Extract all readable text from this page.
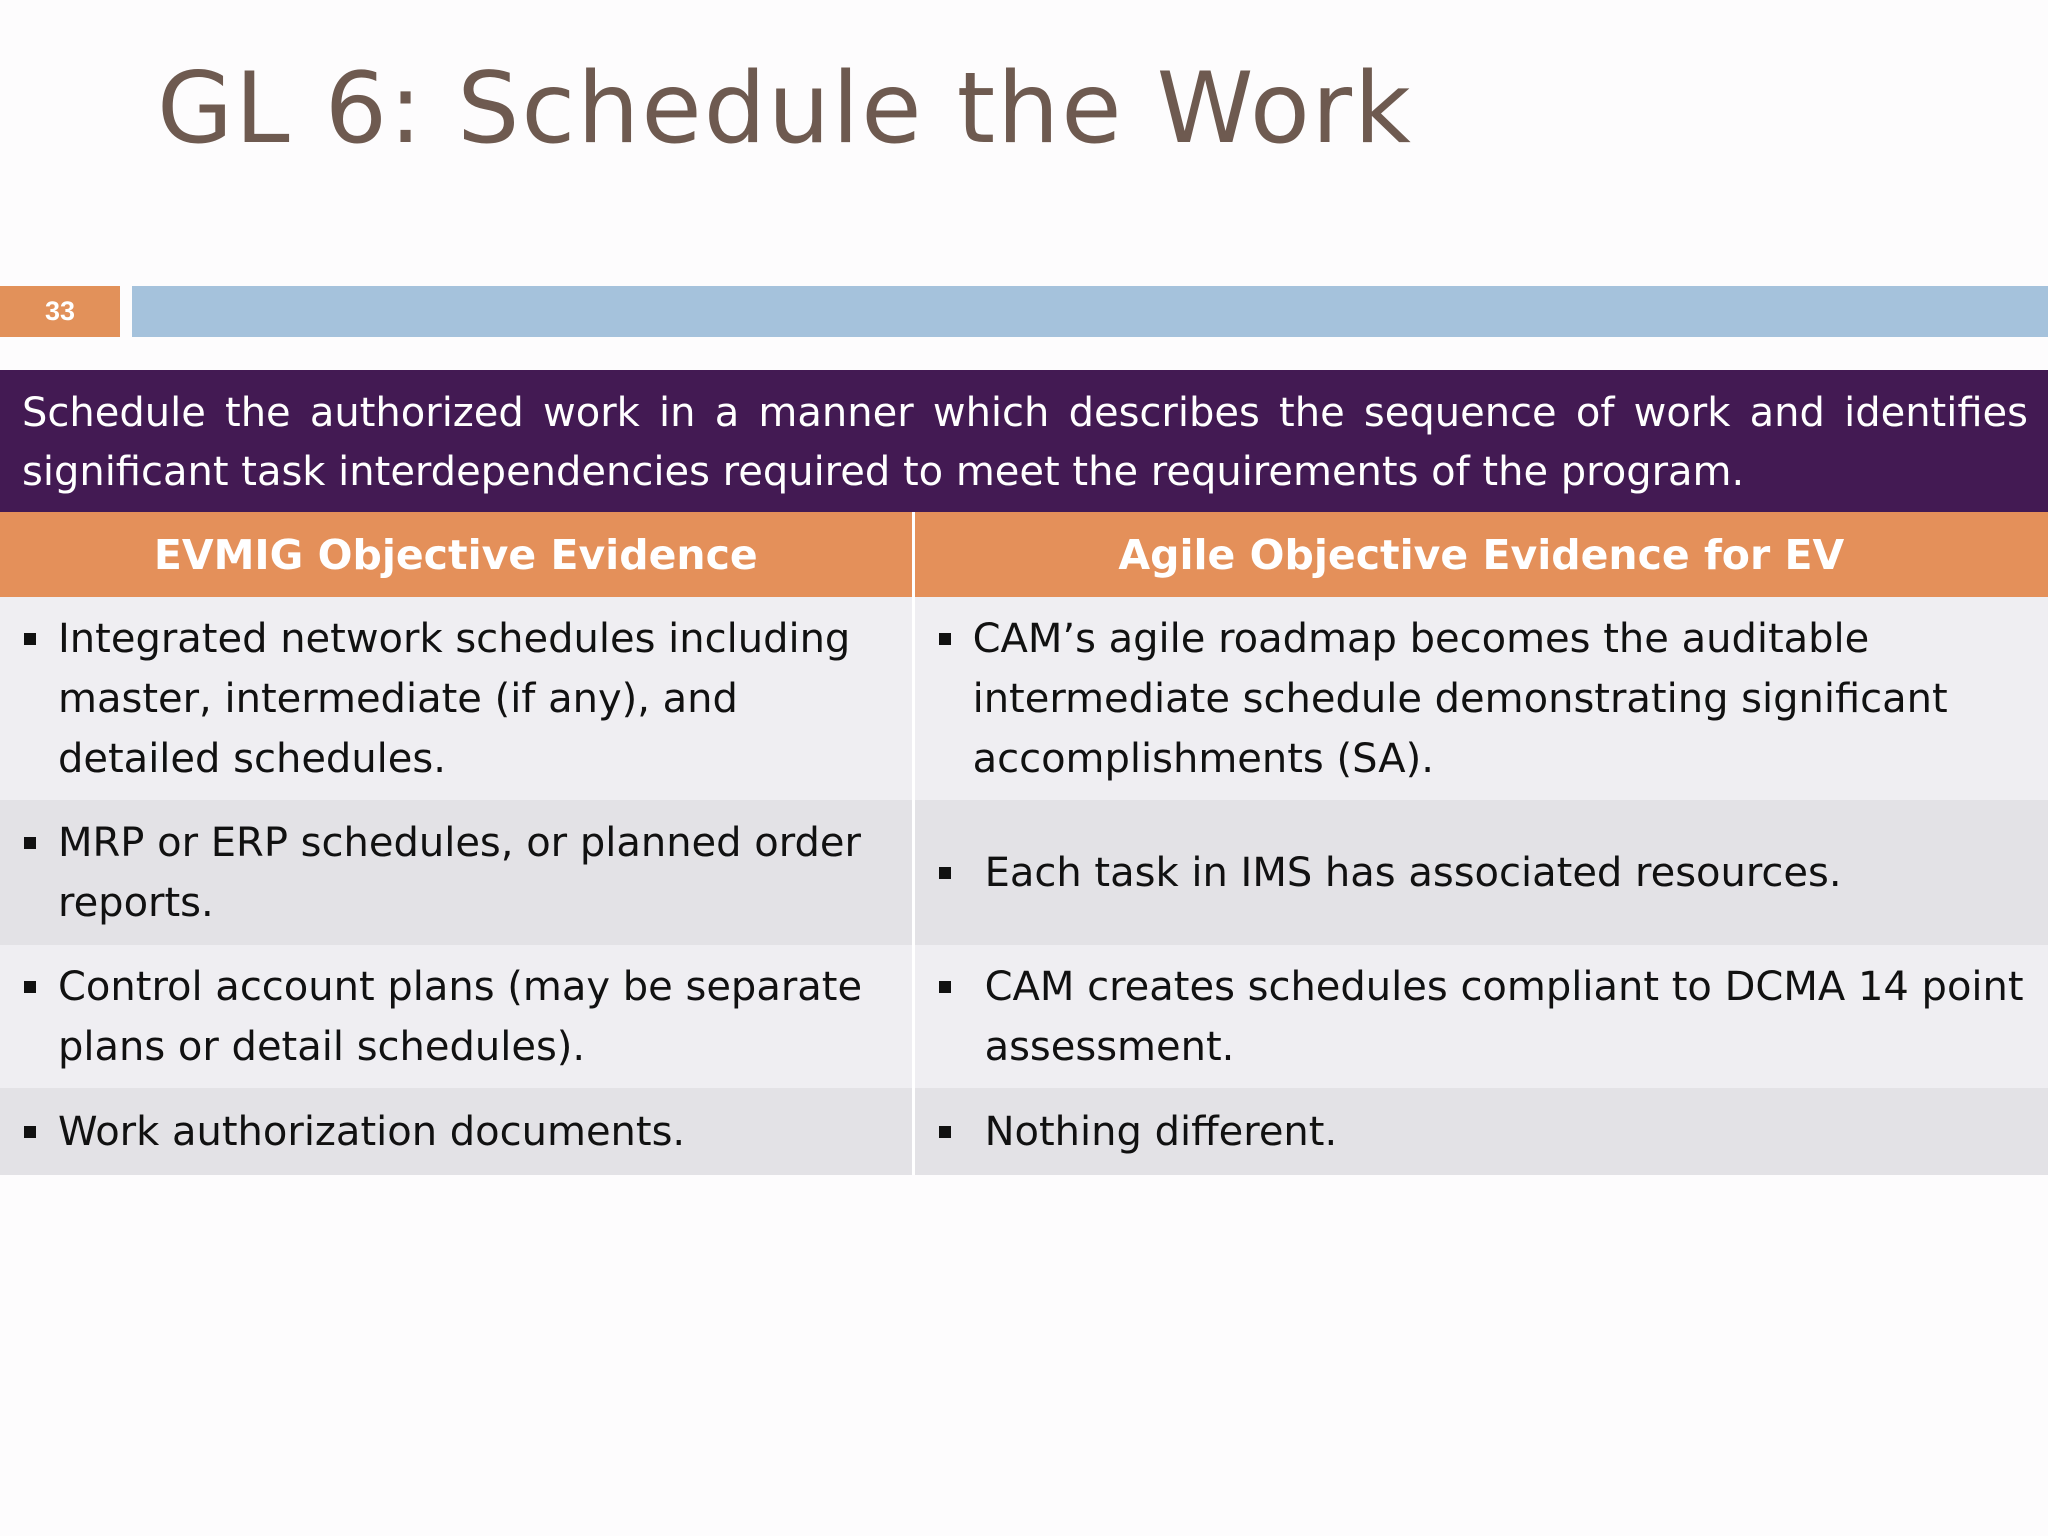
GL 6: Schedule the Work
33
Schedule the authorized work in a manner which describes the sequence of work and identifies significant task interdependencies required to meet the requirements of the program.
EVMIG Objective Evidence	Agile Objective Evidence for EV

Integrated network schedules including master, intermediate (if any), and detailed schedules.	CAM’s agile roadmap becomes the auditable intermediate schedule demonstrating significant accomplishments (SA).

MRP or ERP schedules, or planned order reports.	Each task in IMS has associated resources.

Control account plans (may be separate plans or detail schedules).	CAM creates schedules compliant to DCMA 14 point assessment.

Work authorization documents.	Nothing different.
